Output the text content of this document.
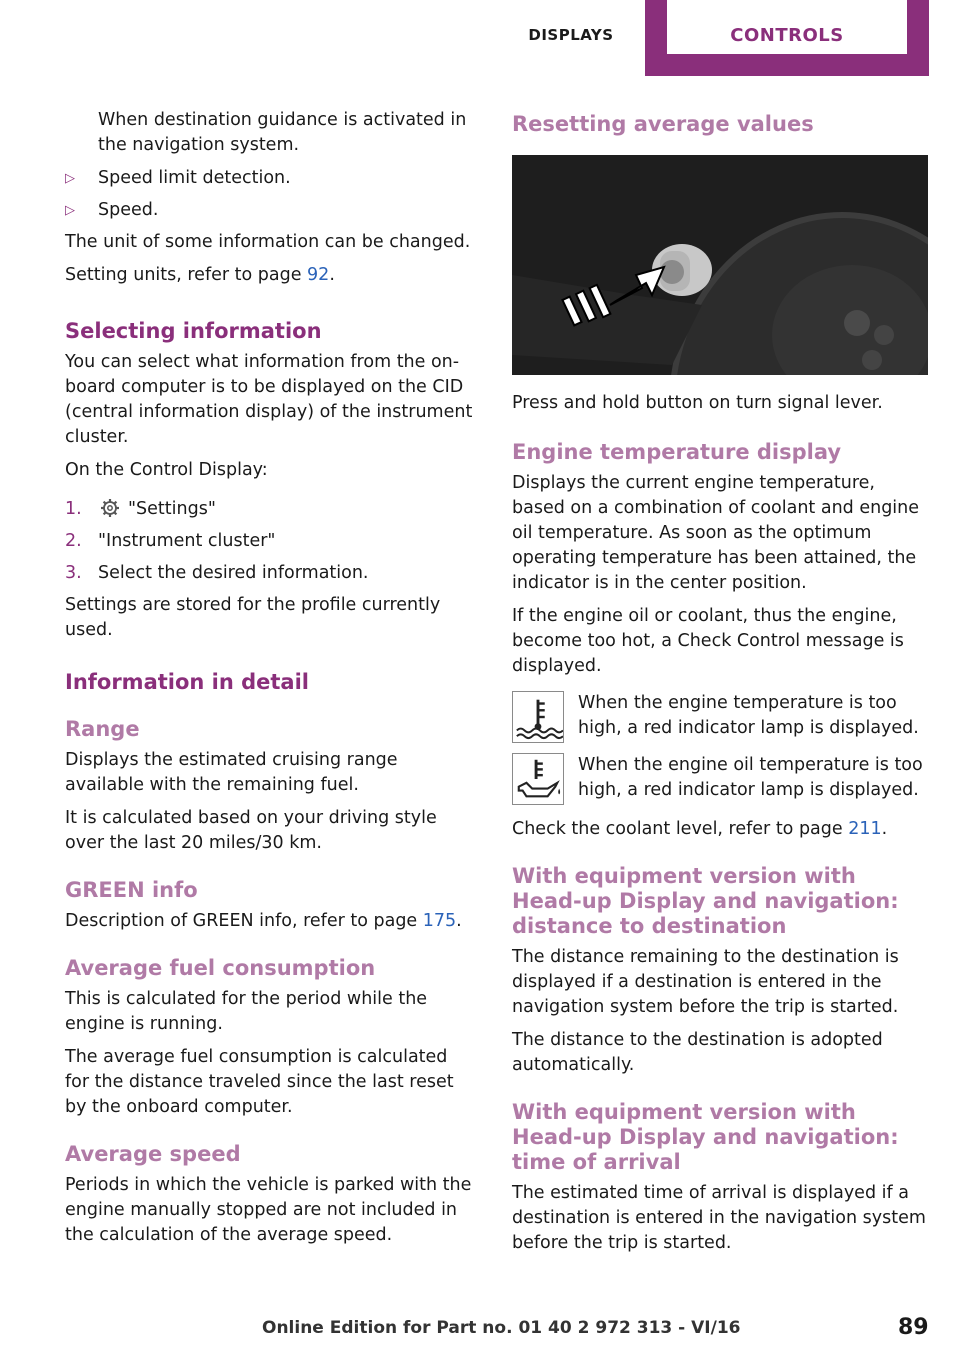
DISPLAYS	CONTROLS

When destination guidance is activated in the navigation system.

▷	Speed limit detection.
▷	Speed.

The unit of some information can be changed.

Setting units, refer to page 92.

Selecting information

You can select what information from the on-board computer is to be displayed on the CID (central information display) of the instrument cluster.

On the Control Display:

1.	"Settings"
2. "Instrument cluster"
3. Select the desired information.

Settings are stored for the profile currently used.

Information in detail
Range

Displays the estimated cruising range available with the remaining fuel.

It is calculated based on your driving style over the last 20 miles/30 km.

GREEN info

Description of GREEN info, refer to page 175.

Average fuel consumption

This is calculated for the period while the engine is running.

The average fuel consumption is calculated for the distance traveled since the last reset by the onboard computer.

Average speed

Periods in which the vehicle is parked with the engine manually stopped are not included in the calculation of the average speed.

Resetting average values

Press and hold button on turn signal lever.

Engine temperature display

Displays the current engine temperature, based on a combination of coolant and engine oil temperature. As soon as the optimum operating temperature has been attained, the indicator is in the center position.

If the engine oil or coolant, thus the engine, become too hot, a Check Control message is displayed.

When the engine temperature is too high, a red indicator lamp is displayed.

When the engine oil temperature is too high, a red indicator lamp is displayed.

Check the coolant level, refer to page 211.

With equipment version with Head-up Display and navigation: distance to destination

The distance remaining to the destination is displayed if a destination is entered in the navigation system before the trip is started.

The distance to the destination is adopted automatically.

With equipment version with Head-up Display and navigation: time of arrival

The estimated time of arrival is displayed if a destination is entered in the navigation system before the trip is started.

Online Edition for Part no. 01 40 2 972 313 - VI/16	89
